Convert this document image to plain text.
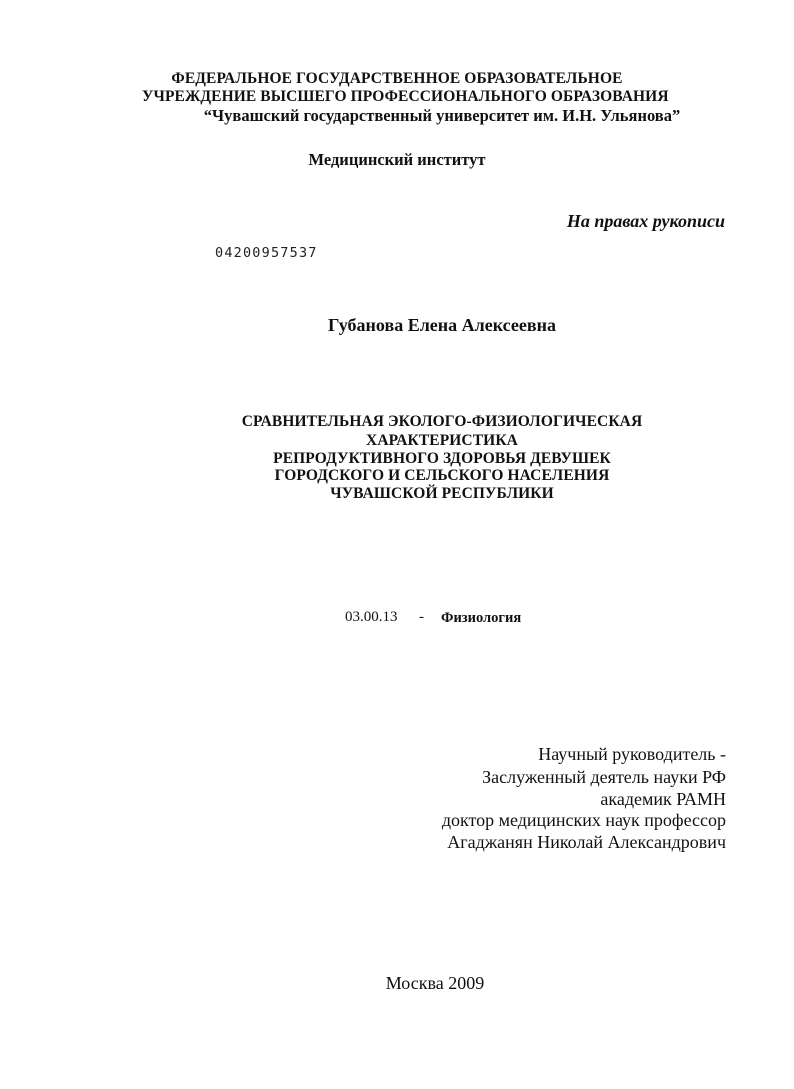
ФЕДЕРАЛЬНОЕ ГОСУДАРСТВЕННОЕ ОБРАЗОВАТЕЛЬНОЕ
УЧРЕЖДЕНИЕ ВЫСШЕГО ПРОФЕССИОНАЛЬНОГО ОБРАЗОВАНИЯ
“Чувашский государственный университет им. И.Н. Ульянова”
Медицинский институт
На правах рукописи
04200957537
Губанова Елена Алексеевна
СРАВНИТЕЛЬНАЯ ЭКОЛОГО-ФИЗИОЛОГИЧЕСКАЯ
ХАРАКТЕРИСТИКА
РЕПРОДУКТИВНОГО ЗДОРОВЬЯ ДЕВУШЕК
ГОРОДСКОГО И СЕЛЬСКОГО НАСЕЛЕНИЯ
ЧУВАШСКОЙ РЕСПУБЛИКИ
03.00.13 - Физиология
Научный руководитель -
Заслуженный деятель науки РФ
академик РАМН
доктор медицинских наук профессор
Агаджанян Николай Александрович
Москва 2009
